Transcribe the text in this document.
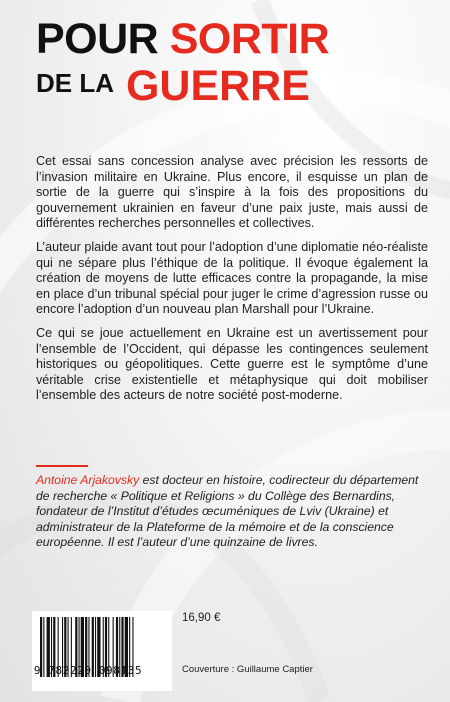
POUR SORTIR
DE LA GUERRE

Cet essai sans concession analyse avec précision les ressorts de l’invasion militaire en Ukraine. Plus encore, il esquisse un plan de sortie de la guerre qui s’inspire à la fois des propositions du gouvernement ukrainien en faveur d’une paix juste, mais aussi de différentes recherches personnelles et collectives.

L’auteur plaide avant tout pour l’adoption d’une diplomatie néo-réaliste qui ne sépare plus l’éthique de la politique. Il évoque également la création de moyens de lutte efficaces contre la propagande, la mise en place d’un tribunal spécial pour juger le crime d’agression russe ou encore l’adoption d’un nouveau plan Marshall pour l’Ukraine.

Ce qui se joue actuellement en Ukraine est un avertissement pour l’ensemble de l’Occident, qui dépasse les contingences seulement historiques ou géopolitiques. Cette guerre est le symptôme d’une véritable crise existentielle et métaphysique qui doit mobiliser l’ensemble des acteurs de notre société post-moderne.

Antoine Arjakovsky est docteur en histoire, codirecteur du département de recherche « Politique et Religions » du Collège des Bernardins, fondateur de l’Institut d’études œcuméniques de Lviv (Ukraine) et administrateur de la Plateforme de la mémoire et de la conscience européenne. Il est l’auteur d’une quinzaine de livres.
9 782220 098135
16,90 €
Couverture : Guillaume Captier
